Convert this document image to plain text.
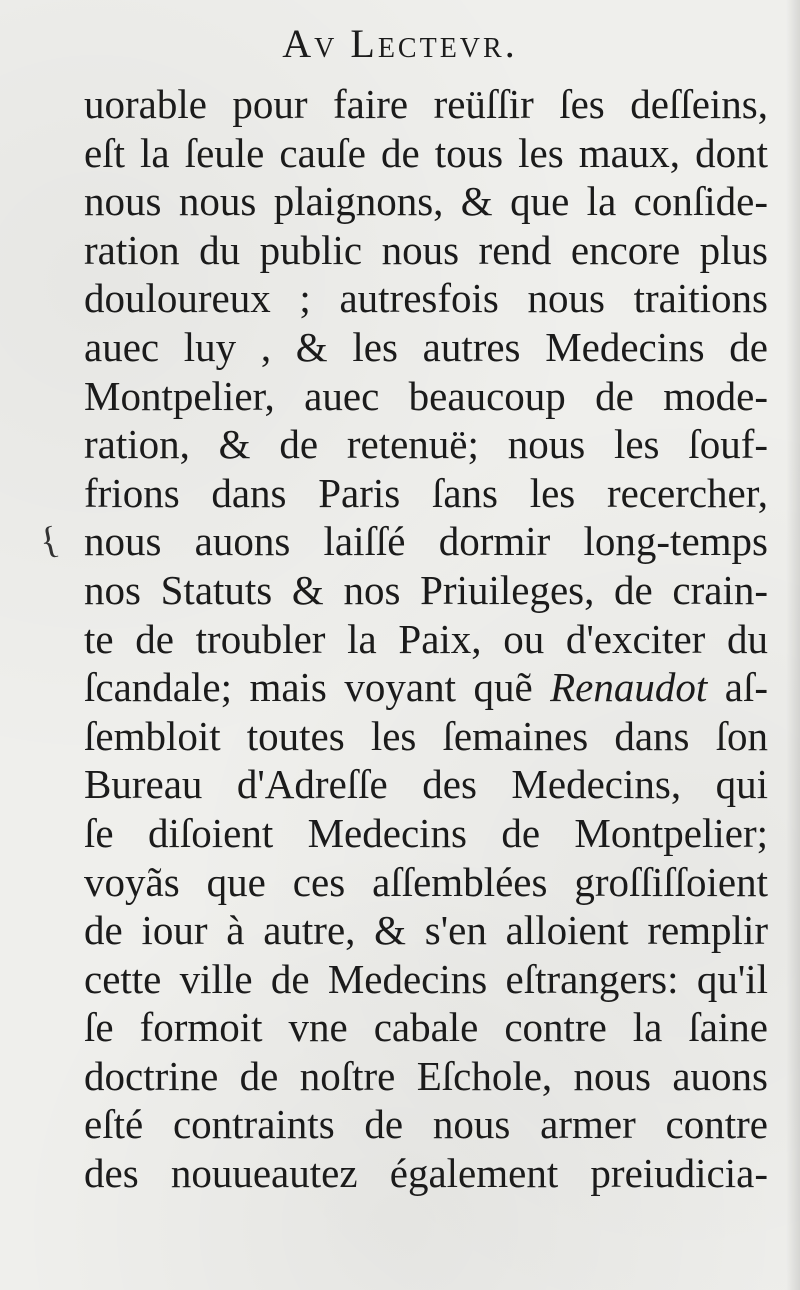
Av Lectevr.
{
uorable pour faire reüſſir ſes deſſeins,
eſt la ſeule cauſe de tous les maux, dont
nous nous plaignons, & que la conſide-
ration du public nous rend encore plus
douloureux ; autresfois nous traitions
auec luy , & les autres Medecins de
Montpelier, auec beaucoup de mode-
ration, & de retenuë; nous les ſouf-
frions dans Paris ſans les recercher,
nous auons laiſſé dormir long-temps
nos Statuts & nos Priuileges, de crain-
te de troubler la Paix, ou d'exciter du
ſcandale; mais voyant quẽ Renaudot aſ-
ſembloit toutes les ſemaines dans ſon
Bureau d'Adreſſe des Medecins, qui
ſe diſoient Medecins de Montpelier;
voyãs que ces aſſemblées groſſiſſoient
de iour à autre, & s'en alloient remplir
cette ville de Medecins eſtrangers: qu'il
ſe formoit vne cabale contre la ſaine
doctrine de noſtre Eſchole, nous auons
eſté contraints de nous armer contre
des nouueautez également preiudicia-
